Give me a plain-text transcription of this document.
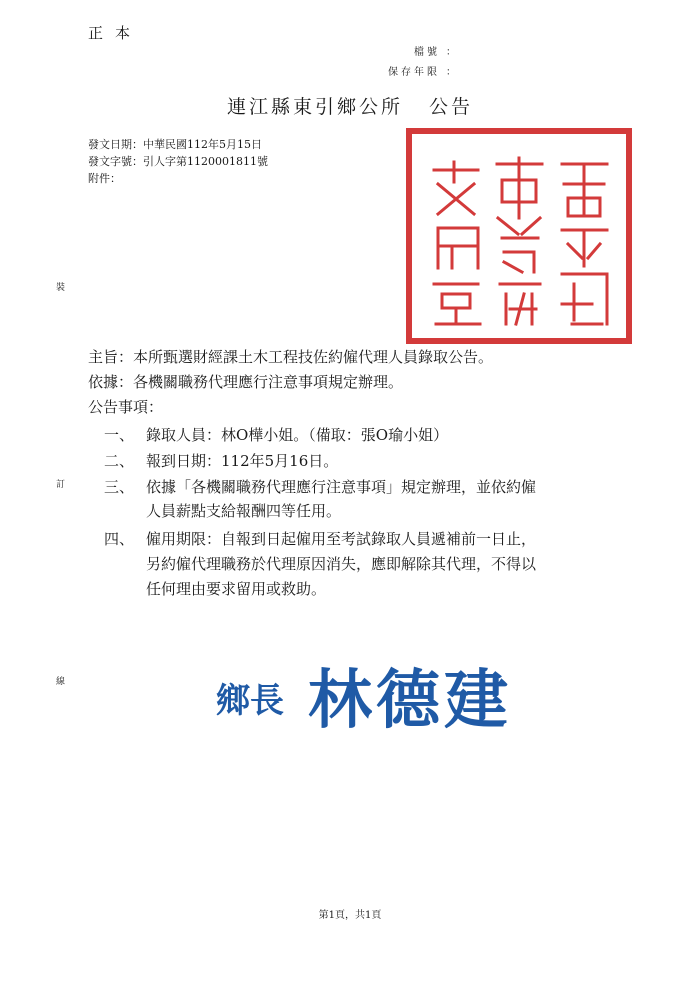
正本
檔號 ：
保存年限 ：
連江縣東引鄉公所 公告
發文日期：中華民國112年5月15日
發文字號：引人字第1120001811號
附件：
裝
訂
線
主旨：本所甄選財經課土木工程技佐約僱代理人員錄取公告。
依據：各機關職務代理應行注意事項規定辦理。
公告事項：
一、 錄取人員：林O樺小姐。（備取：張O瑜小姐）
二、 報到日期：112年5月16日。
三、 依據「各機關職務代理應行注意事項」規定辦理，並依約僱
人員薪點支給報酬四等任用。
四、 僱用期限：自報到日起僱用至考試錄取人員遞補前一日止，
另約僱代理職務於代理原因消失，應即解除其代理，不得以
任何理由要求留用或救助。
鄉長 林德建
第1頁，共1頁
